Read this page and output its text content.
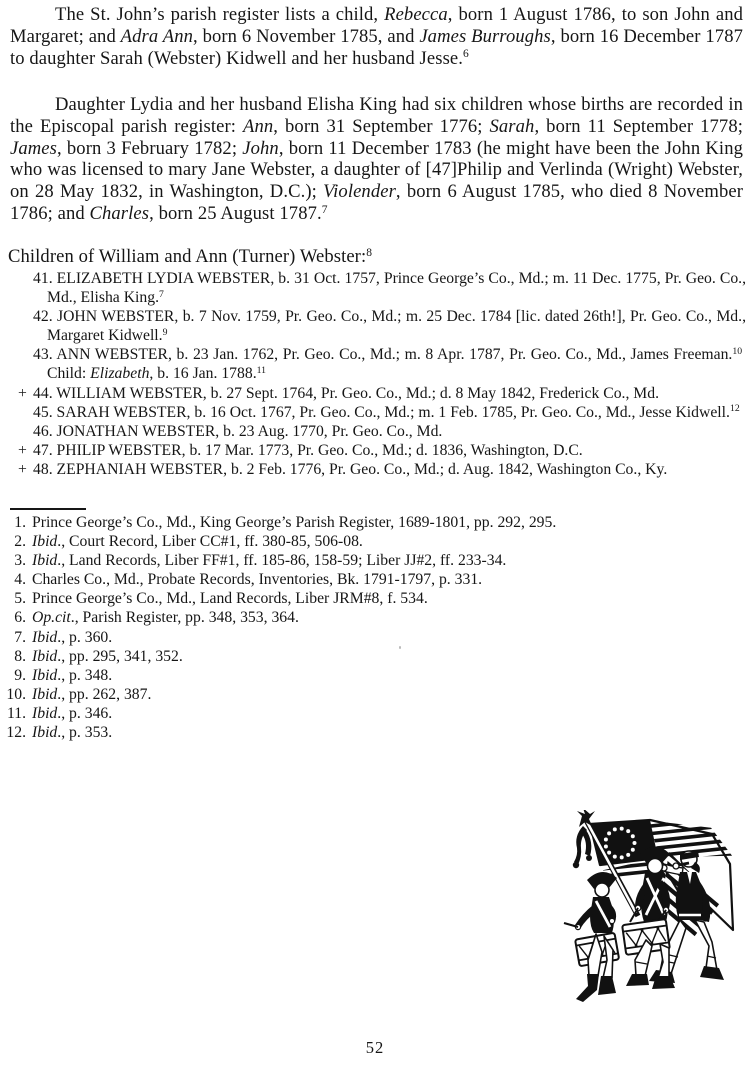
The St. John’s parish register lists a child, Rebecca, born 1 August 1786, to son John and Margaret; and Adra Ann, born 6 November 1785, and James Burroughs, born 16 December 1787 to daughter Sarah (Webster) Kidwell and her husband Jesse.$^6$

Daughter Lydia and her husband Elisha King had six children whose births are recorded in the Episcopal parish register: Ann, born 31 September 1776; Sarah, born 11 September 1778; James, born 3 February 1782; John, born 11 December 1783 (he might have been the John King who was licensed to mary Jane Webster, a daughter of [47]Philip and Verlinda (Wright) Webster, on 28 May 1832, in Washington, D.C.); Violender, born 6 August 1785, who died 8 November 1786; and Charles, born 25 August 1787.$^7$

Children of William and Ann (Turner) Webster:$^8$
41. ELIZABETH LYDIA WEBSTER, b. 31 Oct. 1757, Prince George’s Co., Md.; m. 11 Dec. 1775, Pr. Geo. Co., Md., Elisha King.$^7$
42. JOHN WEBSTER, b. 7 Nov. 1759, Pr. Geo. Co., Md.; m. 25 Dec. 1784 [lic. dated 26th!], Pr. Geo. Co., Md., Margaret Kidwell.$^9$
43. ANN WEBSTER, b. 23 Jan. 1762, Pr. Geo. Co., Md.; m. 8 Apr. 1787, Pr. Geo. Co., Md., James Freeman.$^{10}$  Child: Elizabeth, b. 16 Jan. 1788.11
+ 44. WILLIAM WEBSTER, b. 27 Sept. 1764, Pr. Geo. Co., Md.; d. 8 May 1842, Frederick Co., Md.
45. SARAH WEBSTER, b. 16 Oct. 1767, Pr. Geo. Co., Md.; m. 1 Feb. 1785, Pr. Geo. Co., Md., Jesse Kidwell.$^{12}$
46. JONATHAN WEBSTER, b. 23 Aug. 1770, Pr. Geo. Co., Md.
+ 47. PHILIP WEBSTER, b. 17 Mar. 1773, Pr. Geo. Co., Md.; d. 1836, Washington, D.C.
+ 48. ZEPHANIAH WEBSTER, b. 2 Feb. 1776, Pr. Geo. Co., Md.; d. Aug. 1842, Washington Co., Ky.
1. Prince George’s Co., Md., King George’s Parish Register, 1689-1801, pp. 292, 295.
2. Ibid., Court Record, Liber CC#1, ff. 380-85, 506-08.
3. Ibid., Land Records, Liber FF#1, ff. 185-86, 158-59; Liber JJ#2, ff. 233-34.
4. Charles Co., Md., Probate Records, Inventories, Bk. 1791-1797, p. 331.
5. Prince George’s Co., Md., Land Records, Liber JRM#8, f. 534.
6. Op.cit., Parish Register, pp. 348, 353, 364.
7. Ibid., p. 360.
8. Ibid., pp. 295, 341, 352.
9. Ibid., p. 348.
10. Ibid., pp. 262, 387.
11. Ibid., p. 346.
12. Ibid., p. 353.
52
